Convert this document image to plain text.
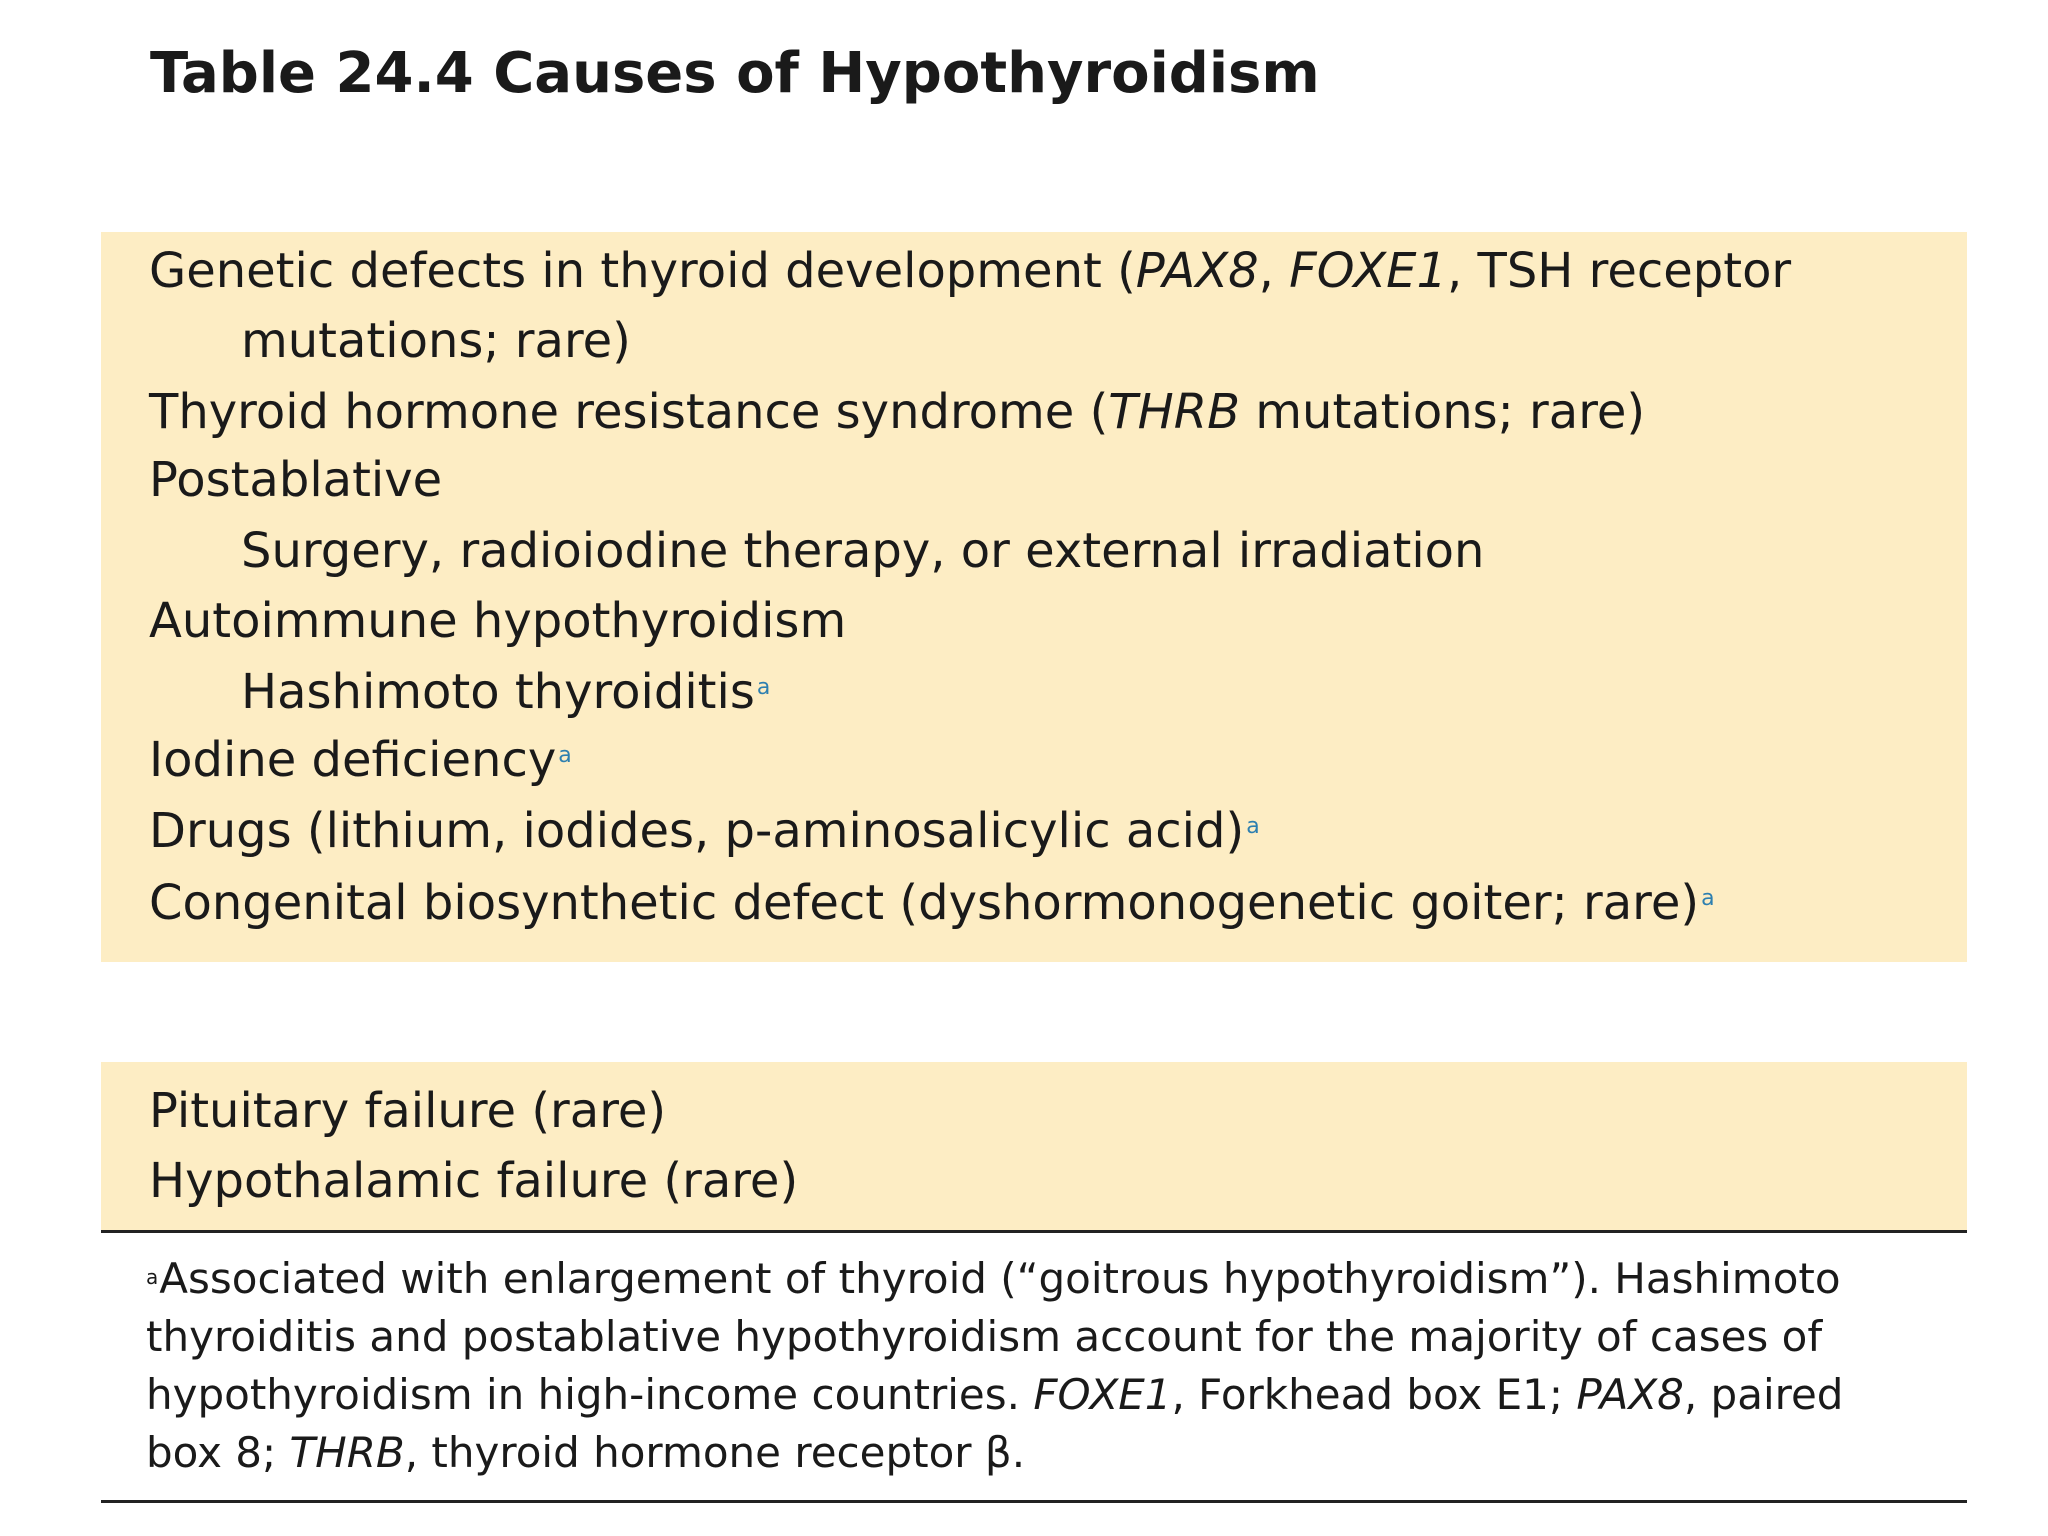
Table 24.4 Causes of Hypothyroidism
Primary
Genetic defects in thyroid development (PAX8, FOXE1, TSH receptor
mutations; rare)
Thyroid hormone resistance syndrome (THRB mutations; rare)
Postablative
Surgery, radioiodine therapy, or external irradiation
Autoimmune hypothyroidism
Hashimoto thyroiditis$^a$
Iodine deficiency$^a$
Drugs (lithium, iodides, p-aminosalicylic acid)$^a$
Congenital biosynthetic defect (dyshormonogenetic goiter; rare)$^a$
Secondary (“Central Hypothyroidism”)
Pituitary failure (rare)
Hypothalamic failure (rare)
$^a$Associated with enlargement of thyroid (“goitrous hypothyroidism”). Hashimoto
thyroiditis and postablative hypothyroidism account for the majority of cases of
hypothyroidism in high-income countries. FOXE1, Forkhead box E1; PAX8, paired
box 8; THRB, thyroid hormone receptor β.
